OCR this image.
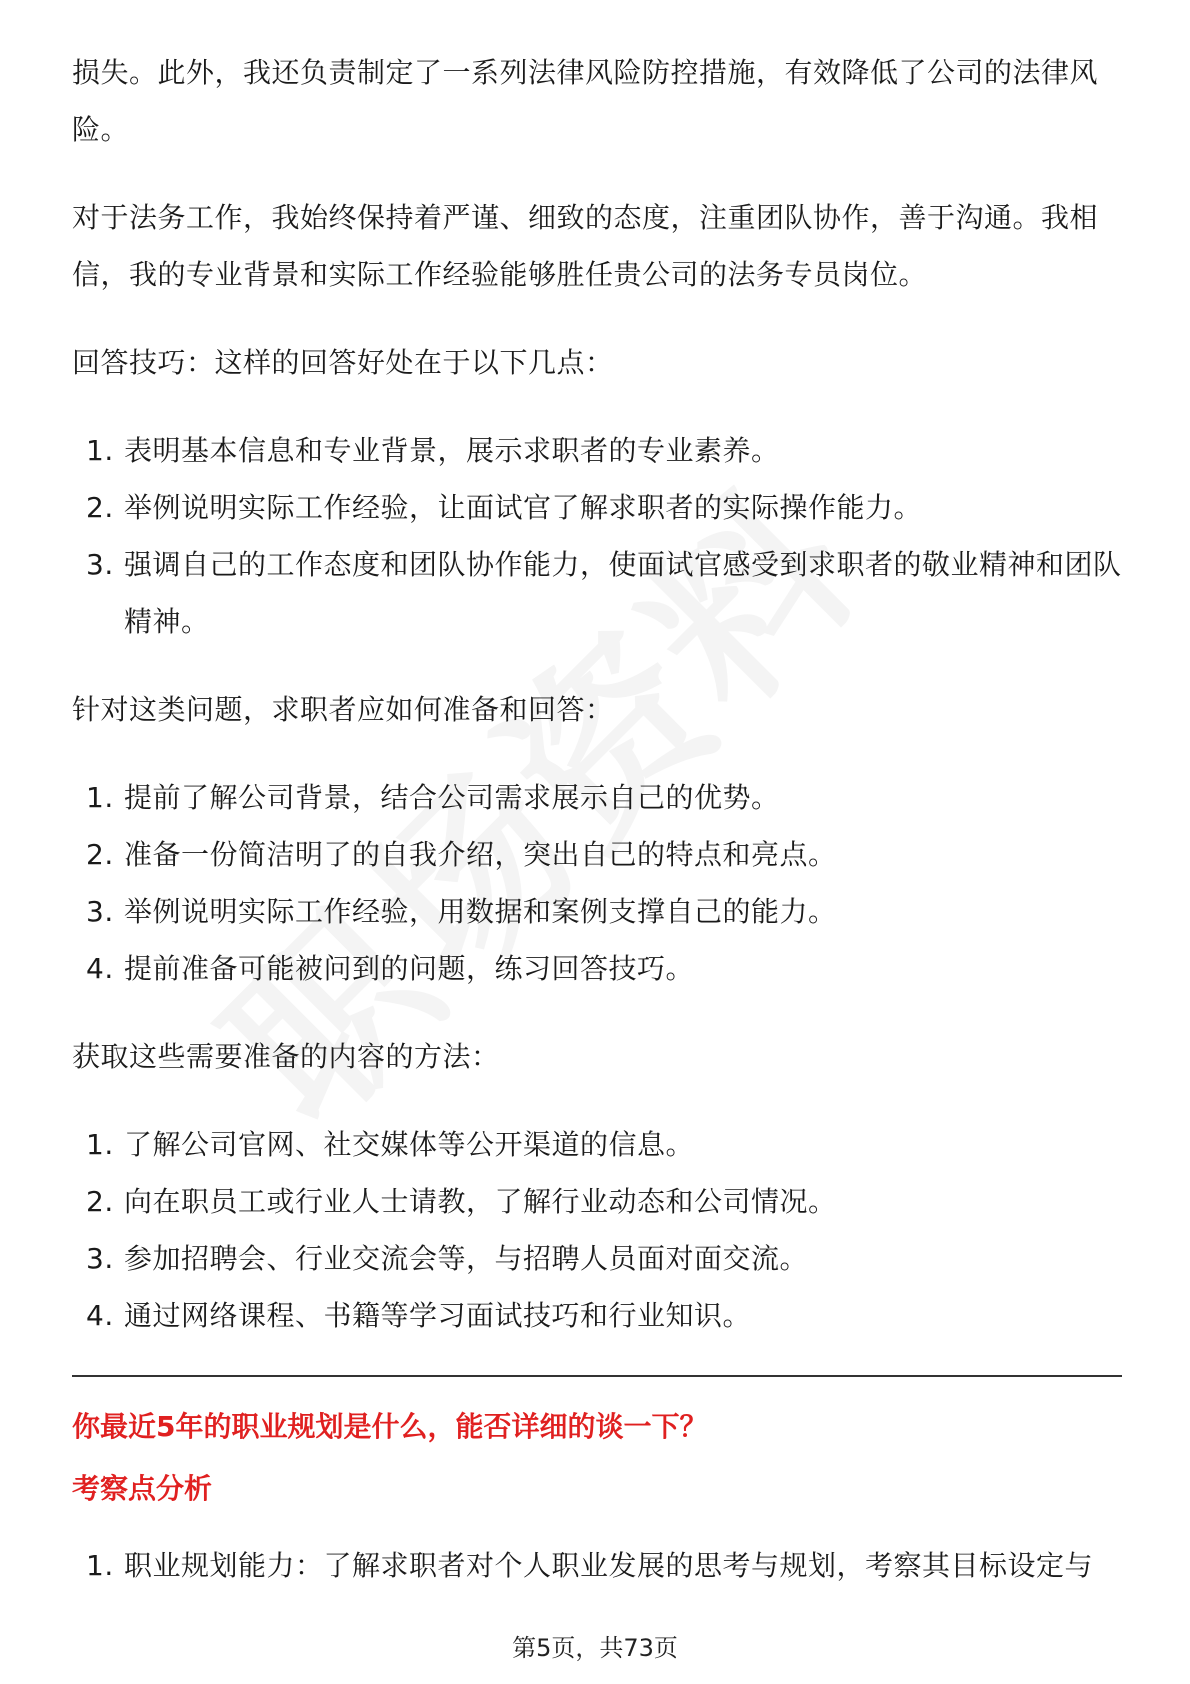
损失。此外，我还负责制定了一系列法律风险防控措施，有效降低了公司的法律风险。

对于法务工作，我始终保持着严谨、细致的态度，注重团队协作，善于沟通。我相信，我的专业背景和实际工作经验能够胜任贵公司的法务专员岗位。

回答技巧：这样的回答好处在于以下几点：

1. 表明基本信息和专业背景，展示求职者的专业素养。
2. 举例说明实际工作经验，让面试官了解求职者的实际操作能力。
3. 强调自己的工作态度和团队协作能力，使面试官感受到求职者的敬业精神和团队精神。

针对这类问题，求职者应如何准备和回答：

1. 提前了解公司背景，结合公司需求展示自己的优势。
2. 准备一份简洁明了的自我介绍，突出自己的特点和亮点。
3. 举例说明实际工作经验，用数据和案例支撑自己的能力。
4. 提前准备可能被问到的问题，练习回答技巧。

获取这些需要准备的内容的方法：

1. 了解公司官网、社交媒体等公开渠道的信息。
2. 向在职员工或行业人士请教，了解行业动态和公司情况。
3. 参加招聘会、行业交流会等，与招聘人员面对面交流。
4. 通过网络课程、书籍等学习面试技巧和行业知识。
你最近5年的职业规划是什么，能否详细的谈一下？
考察点分析
1. 职业规划能力：了解求职者对个人职业发展的思考与规划，考察其目标设定与
第5页，共73页
